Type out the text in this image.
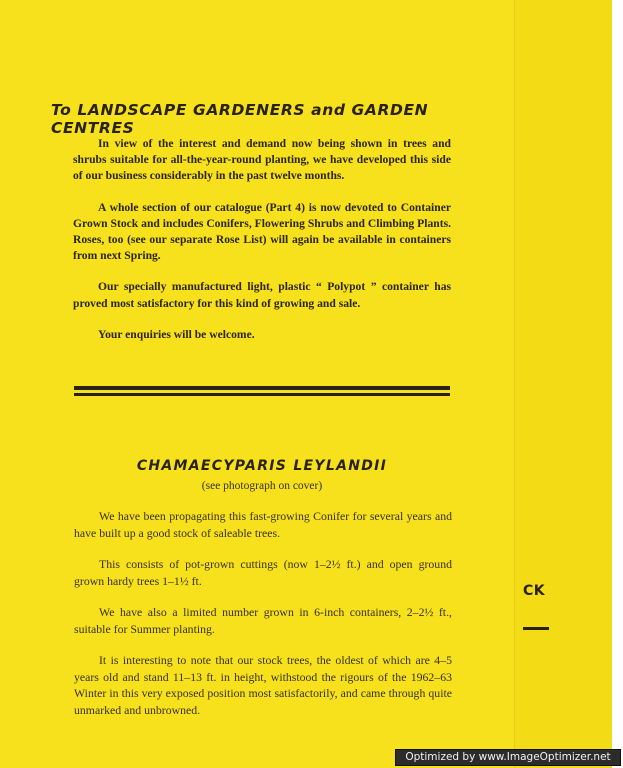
To LANDSCAPE GARDENERS and GARDEN CENTRES

In view of the interest and demand now being shown in trees and shrubs suitable for all-the-year-round planting, we have developed this side of our business considerably in the past twelve months.

A whole section of our catalogue (Part 4) is now devoted to Container Grown Stock and includes Conifers, Flowering Shrubs and Climbing Plants. Roses, too (see our separate Rose List) will again be available in containers from next Spring.

Our specially manufactured light, plastic “ Polypot ” container has proved most satisfactory for this kind of growing and sale.

Your enquiries will be welcome.

CHAMAECYPARIS LEYLANDII
(see photograph on cover)

We have been propagating this fast-growing Conifer for several years and have built up a good stock of saleable trees.

This consists of pot-grown cuttings (now 1–2½ ft.) and open ground grown hardy trees 1–1½ ft.

We have also a limited number grown in 6-inch containers, 2–2½ ft., suitable for Summer planting.

It is interesting to note that our stock trees, the oldest of which are 4–5 years old and stand 11–13 ft. in height, withstood the rigours of the 1962–63 Winter in this very exposed position most satisfactorily, and came through quite unmarked and unbrowned.

CK
Optimized by www.ImageOptimizer.net
